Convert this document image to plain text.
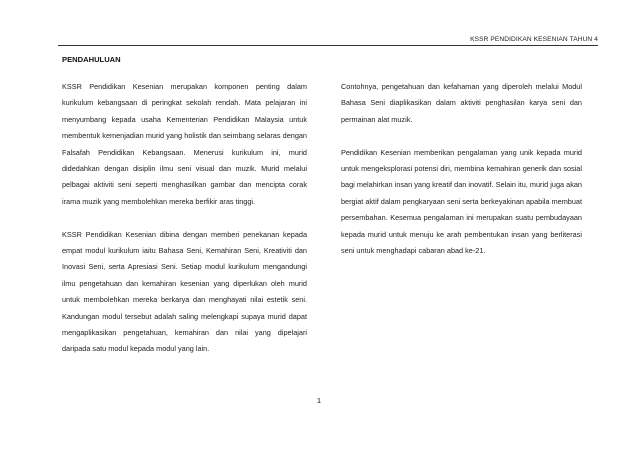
KSSR PENDIDIKAN KESENIAN TAHUN 4
PENDAHULUAN

KSSR Pendidikan Kesenian merupakan komponen penting dalam kurikulum kebangsaan di peringkat sekolah rendah. Mata pelajaran ini menyumbang kepada usaha Kementerian Pendidikan Malaysia untuk membentuk kemenjadian murid yang holistik dan seimbang selaras dengan Falsafah Pendidikan Kebangsaan. Menerusi kurikulum ini, murid didedahkan dengan disiplin ilmu seni visual dan muzik. Murid melalui pelbagai aktiviti seni seperti menghasilkan gambar dan mencipta corak irama muzik yang membolehkan mereka berfikir aras tinggi.

KSSR Pendidikan Kesenian dibina dengan memberi penekanan kepada empat modul kurikulum iaitu Bahasa Seni, Kemahiran Seni, Kreativiti dan Inovasi Seni, serta Apresiasi Seni. Setiap modul kurikulum mengandungi ilmu pengetahuan dan kemahiran kesenian yang diperlukan oleh murid untuk membolehkan mereka berkarya dan menghayati nilai estetik seni. Kandungan modul tersebut adalah saling melengkapi supaya murid dapat mengaplikasikan pengetahuan, kemahiran dan nilai yang dipelajari daripada satu modul kepada modul yang lain.

Contohnya, pengetahuan dan kefahaman yang diperoleh melalui Modul Bahasa Seni diaplikasikan dalam aktiviti penghasilan karya seni dan permainan alat muzik.

Pendidikan Kesenian memberikan pengalaman yang unik kepada murid untuk mengeksplorasi potensi diri, membina kemahiran generik dan sosial bagi melahirkan insan yang kreatif dan inovatif. Selain itu, murid juga akan bergiat aktif dalam pengkaryaan seni serta berkeyakinan apabila membuat persembahan. Kesemua pengalaman ini merupakan suatu pembudayaan kepada murid untuk menuju ke arah pembentukan insan yang berliterasi seni untuk menghadapi cabaran abad ke-21.

1
